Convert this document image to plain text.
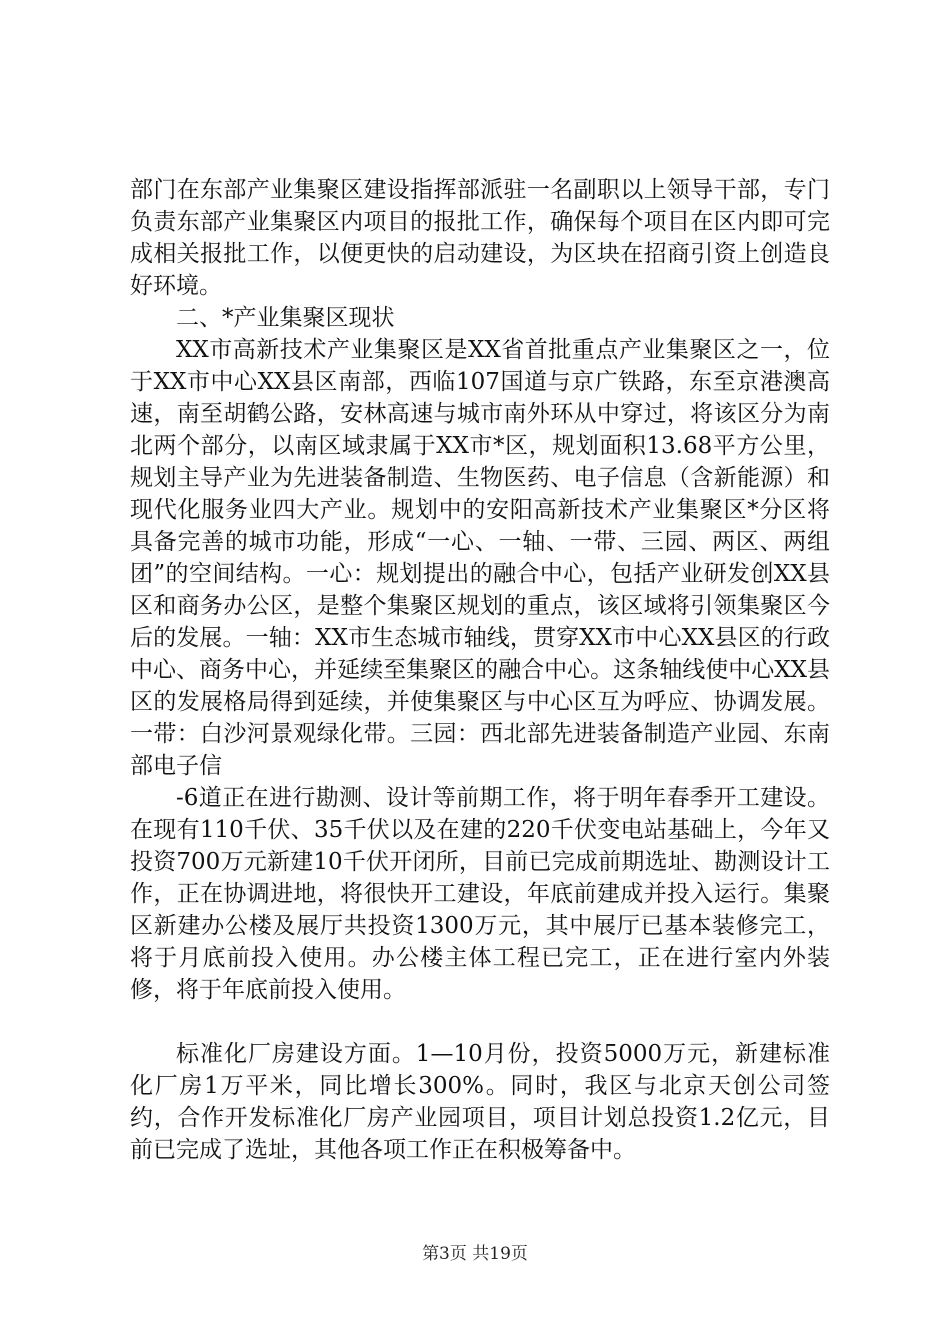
部门在东部产业集聚区建设指挥部派驻一名副职以上领导干部，专门负责东部产业集聚区内项目的报批工作，确保每个项目在区内即可完成相关报批工作，以便更快的启动建设，为区块在招商引资上创造良好环境。

二、*产业集聚区现状

XX市高新技术产业集聚区是XX省首批重点产业集聚区之一，位于XX市中心XX县区南部，西临107国道与京广铁路，东至京港澳高速，南至胡鹤公路，安林高速与城市南外环从中穿过，将该区分为南北两个部分，以南区域隶属于XX市*区，规划面积13.68平方公里，规划主导产业为先进装备制造、生物医药、电子信息（含新能源）和现代化服务业四大产业。规划中的安阳高新技术产业集聚区*分区将具备完善的城市功能，形成“一心、一轴、一带、三园、两区、两组团”的空间结构。一心：规划提出的融合中心，包括产业研发创XX县区和商务办公区，是整个集聚区规划的重点，该区域将引领集聚区今后的发展。一轴：XX市生态城市轴线，贯穿XX市中心XX县区的行政中心、商务中心，并延续至集聚区的融合中心。这条轴线使中心XX县区的发展格局得到延续，并使集聚区与中心区互为呼应、协调发展。一带：白沙河景观绿化带。三园：西北部先进装备制造产业园、东南部电子信

-6道正在进行勘测、设计等前期工作，将于明年春季开工建设。在现有110千伏、35千伏以及在建的220千伏变电站基础上，今年又投资700万元新建10千伏开闭所，目前已完成前期选址、勘测设计工作，正在协调进地，将很快开工建设，年底前建成并投入运行。集聚区新建办公楼及展厅共投资1300万元，其中展厅已基本装修完工，将于月底前投入使用。办公楼主体工程已完工，正在进行室内外装修，将于年底前投入使用。

标准化厂房建设方面。1—10月份，投资5000万元，新建标准化厂房1万平米，同比增长300%。同时，我区与北京天创公司签约，合作开发标准化厂房产业园项目，项目计划总投资1.2亿元，目前已完成了选址，其他各项工作正在积极筹备中。

第3页 共19页
